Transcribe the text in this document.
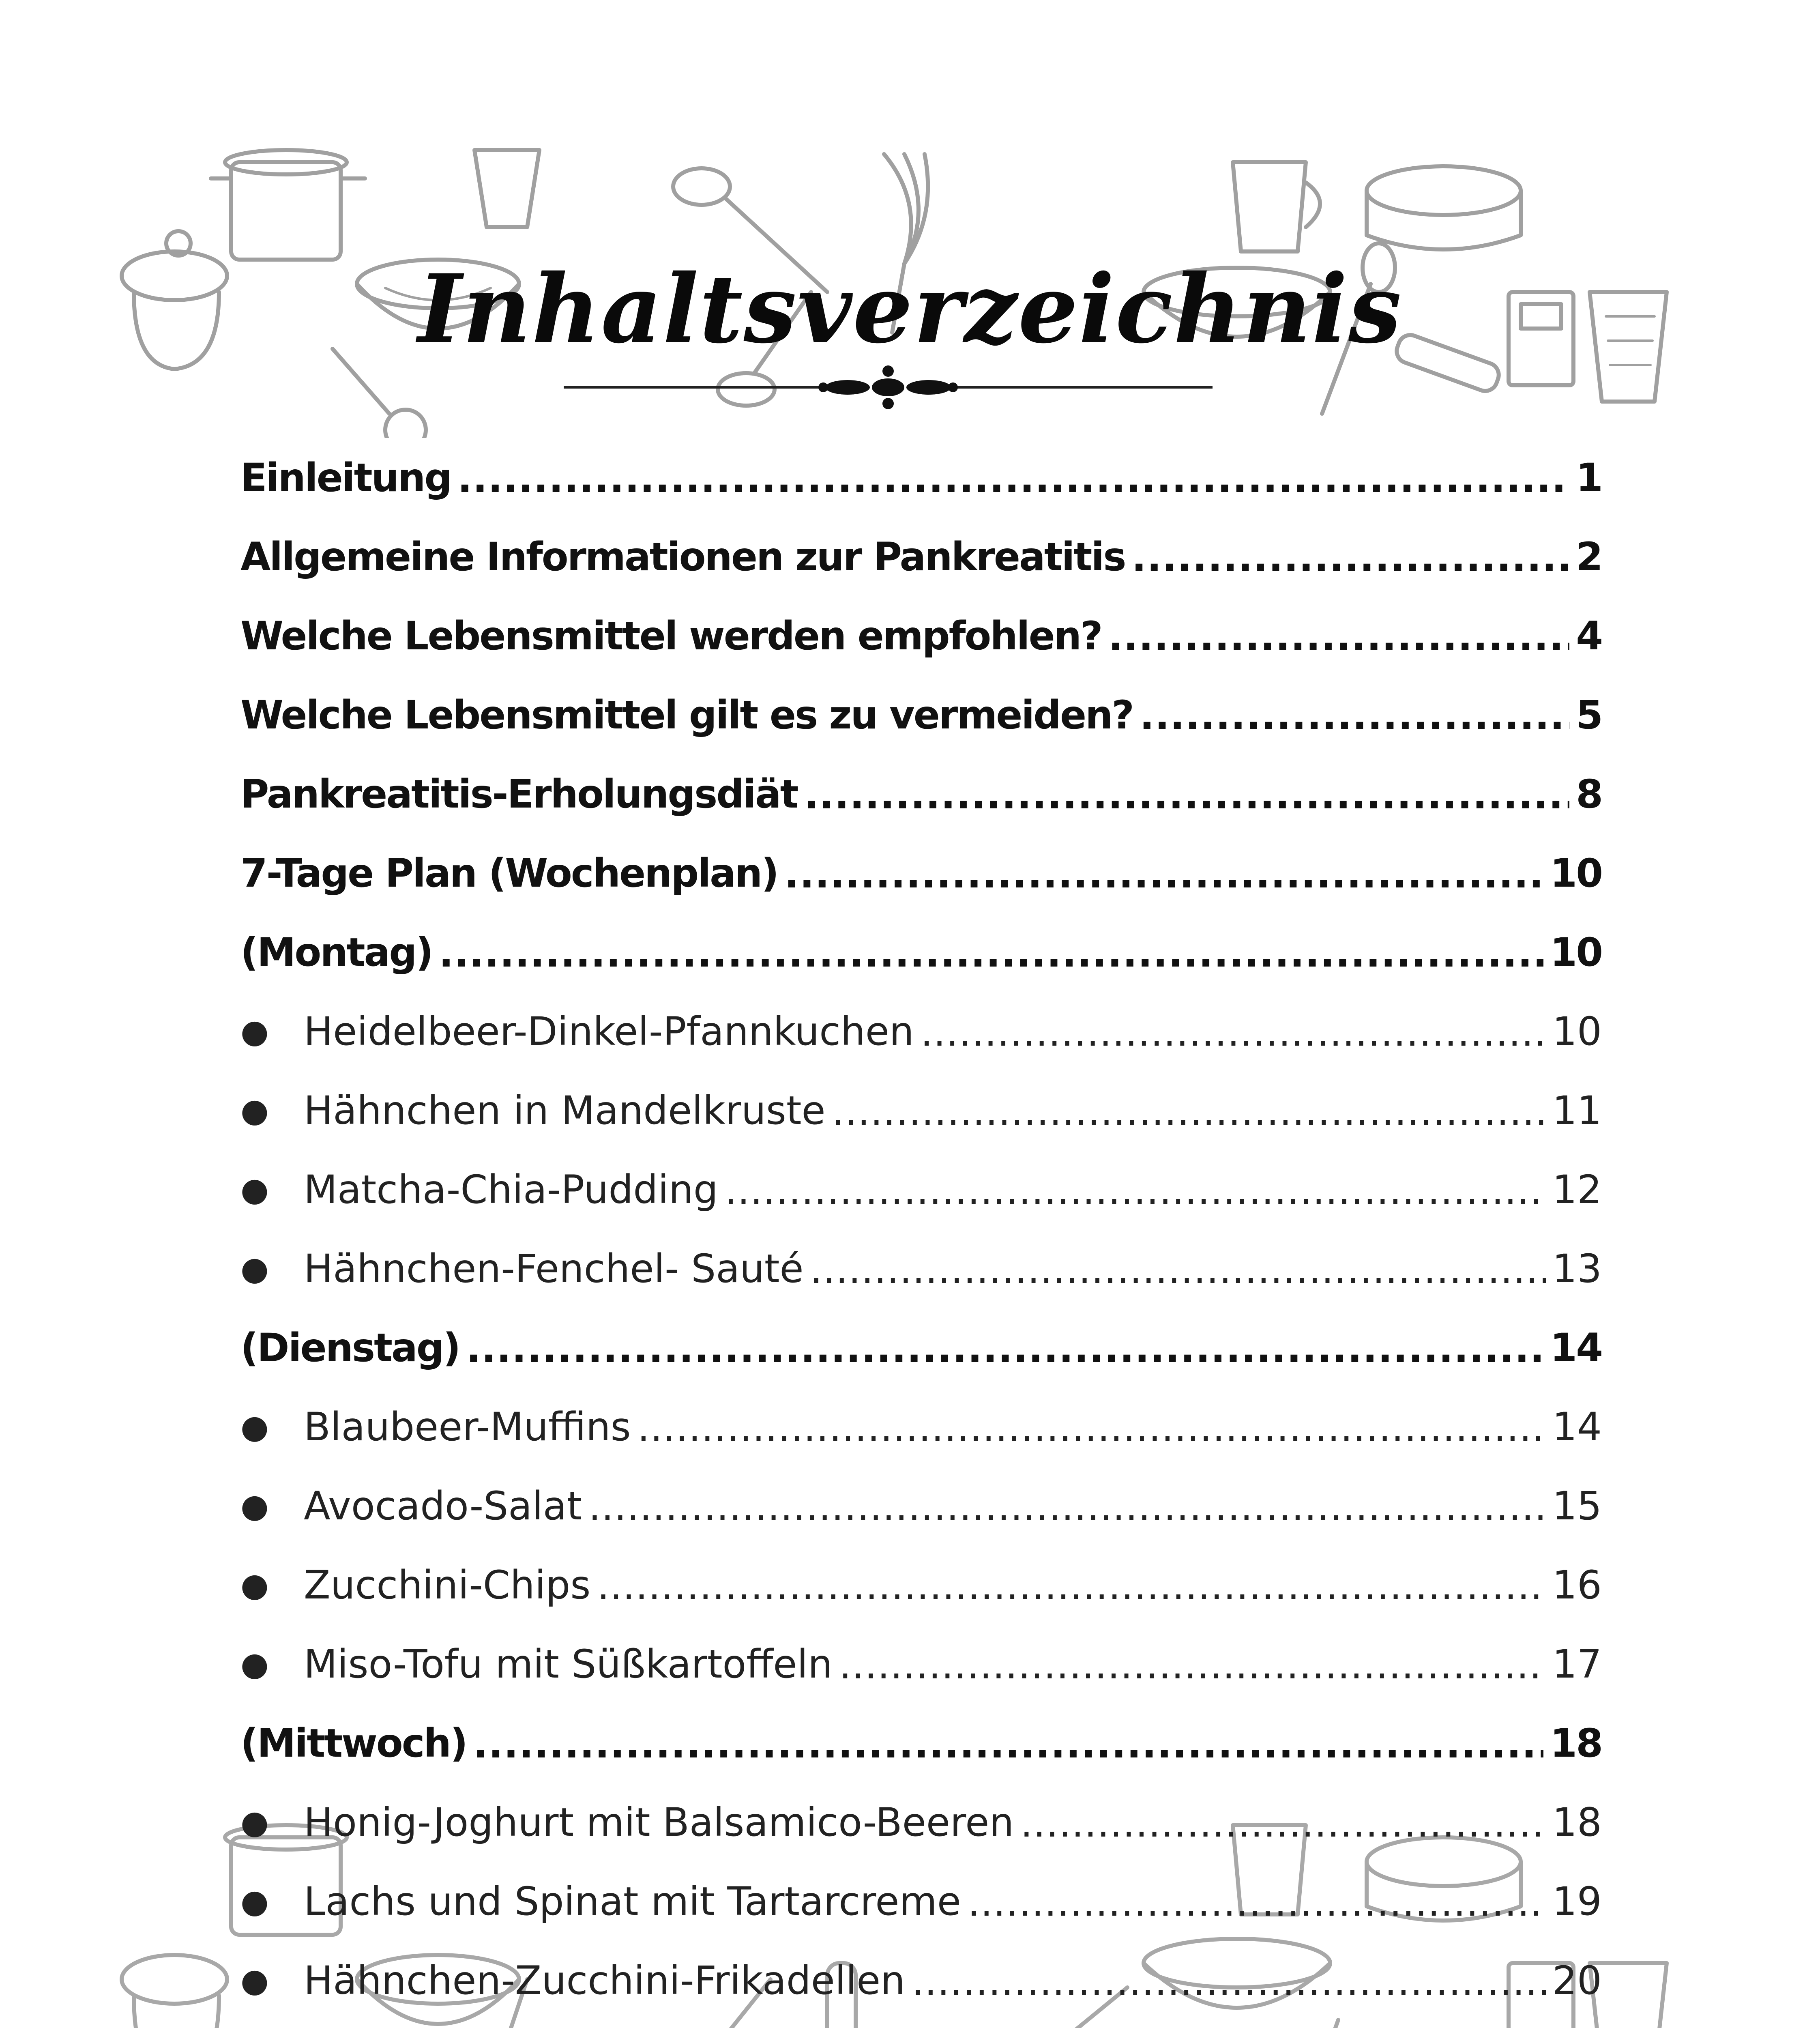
Inhaltsverzeichnis
Einleitung .....	1
Allgemeine Informationen zur Pankreatitis .....	2
Welche Lebensmittel werden empfohlen? .....	4
Welche Lebensmittel gilt es zu vermeiden? .....	5
Pankreatitis-Erholungsdiät .....	8
7-Tage Plan (Wochenplan) .....	10
(Montag) .....	10
● Heidelbeer-Dinkel-Pfannkuchen .....	10
● Hähnchen in Mandelkruste .....	11
● Matcha-Chia-Pudding .....	12
● Hähnchen-Fenchel- Sauté .....	13
(Dienstag) .....	14
● Blaubeer-Muffins .....	14
● Avocado-Salat .....	15
● Zucchini-Chips .....	16
● Miso-Tofu mit Süßkartoffeln .....	17
(Mittwoch) .....	18
● Honig-Joghurt mit Balsamico-Beeren .....	18
● Lachs und Spinat mit Tartarcreme .....	19
● Hähnchen-Zucchini-Frikadellen .....	20
